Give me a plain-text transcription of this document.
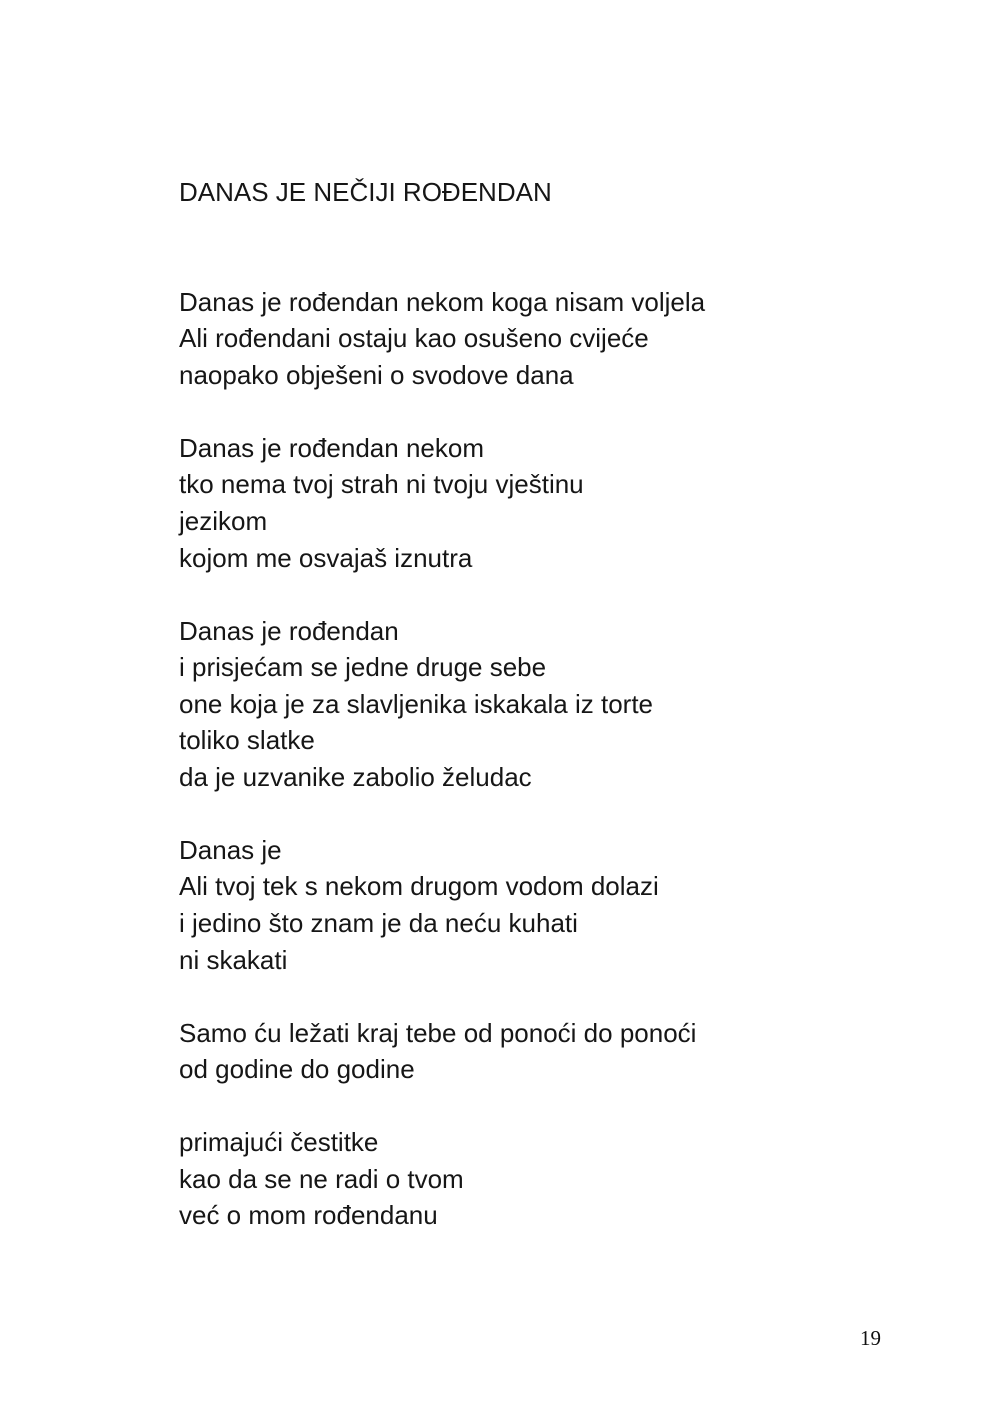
DANAS JE NEČIJI ROĐENDAN

Danas je rođendan nekom koga nisam voljela
Ali rođendani ostaju kao osušeno cvijeće
naopako obješeni o svodove dana

Danas je rođendan nekom
tko nema tvoj strah ni tvoju vještinu
jezikom
kojom me osvajaš iznutra

Danas je rođendan
i prisjećam se jedne druge sebe
one koja je za slavljenika iskakala iz torte
toliko slatke
da je uzvanike zabolio želudac

Danas je
Ali tvoj tek s nekom drugom vodom dolazi
i jedino što znam je da neću kuhati
ni skakati

Samo ću ležati kraj tebe od ponoći do ponoći
od godine do godine

primajući čestitke
kao da se ne radi o tvom
već o mom rođendanu

19
